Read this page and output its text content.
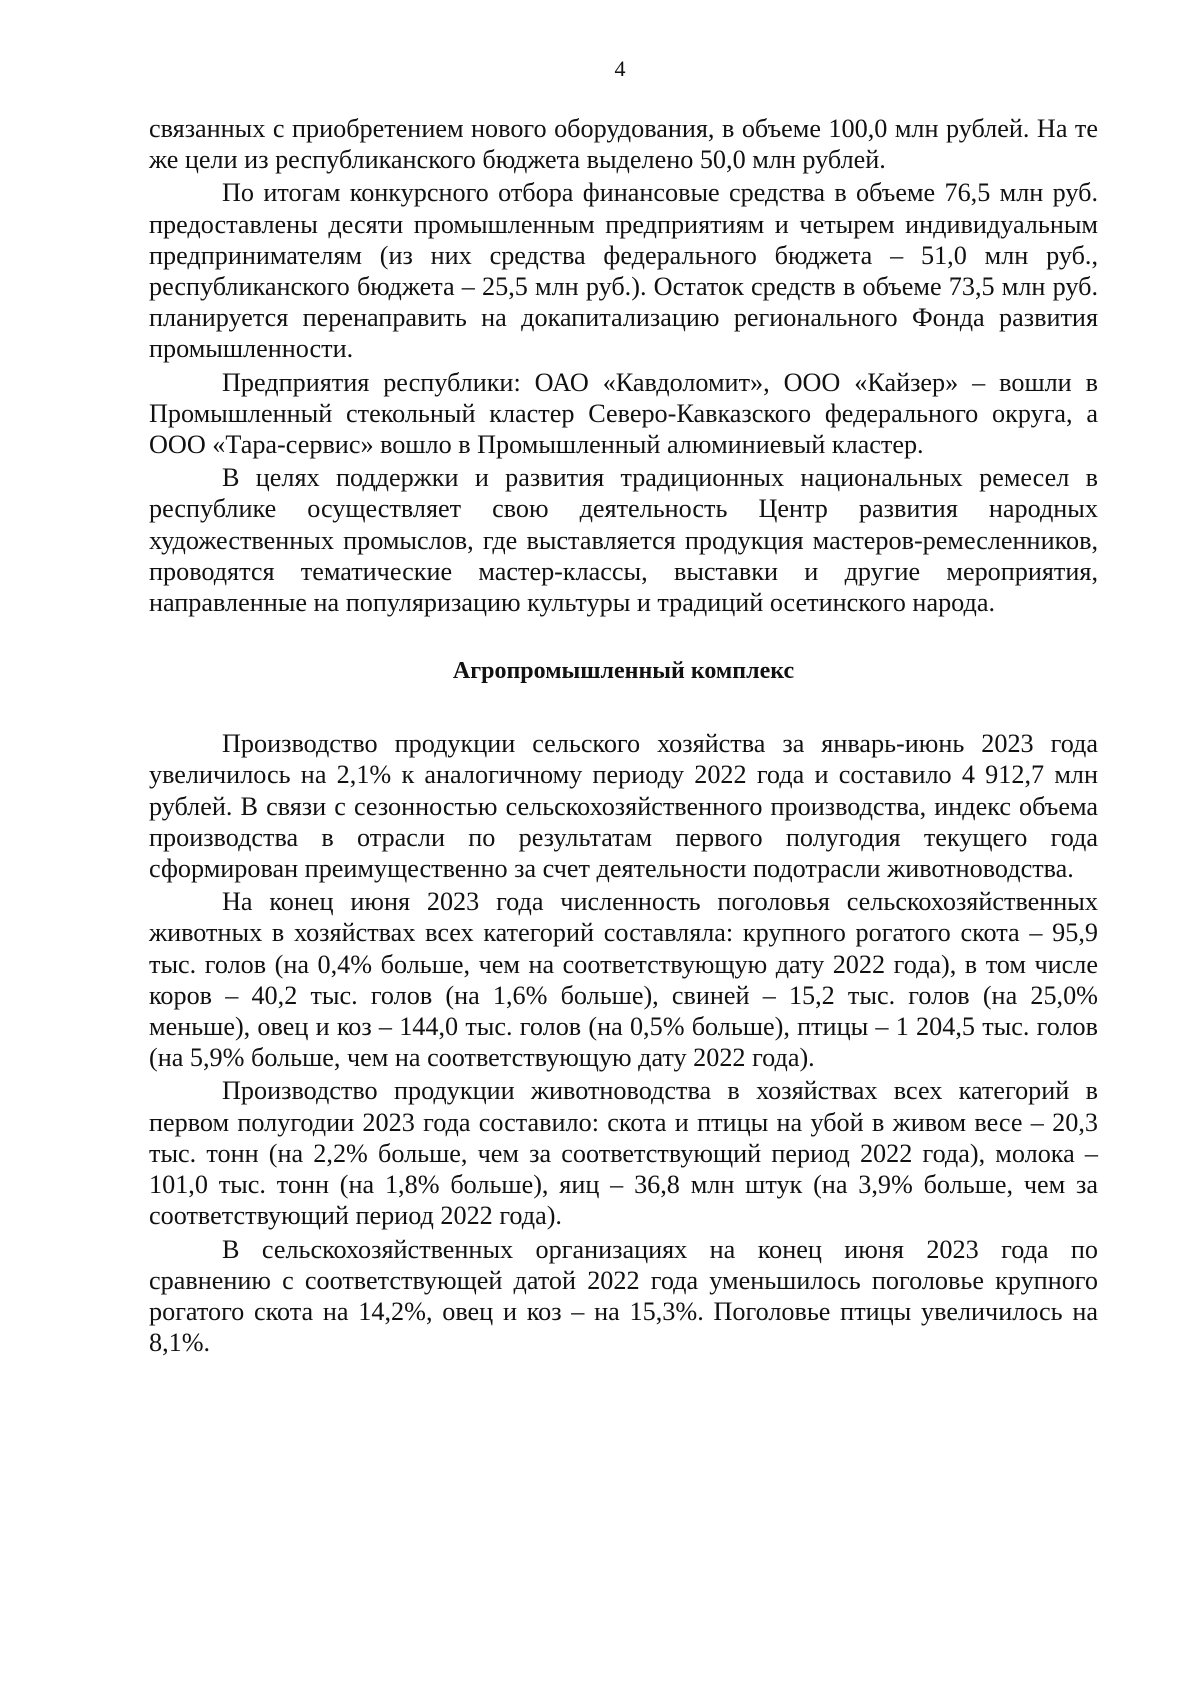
4

связанных с приобретением нового оборудования, в объеме 100,0 млн рублей. На те же цели из республиканского бюджета выделено 50,0 млн рублей.

По итогам конкурсного отбора финансовые средства в объеме 76,5 млн руб. предоставлены десяти промышленным предприятиям и четырем индивидуальным предпринимателям (из них средства федерального бюджета – 51,0 млн руб., республиканского бюджета – 25,5 млн руб.). Остаток средств в объеме 73,5 млн руб. планируется перенаправить на докапитализацию регионального Фонда развития промышленности.

Предприятия республики: ОАО «Кавдоломит», ООО «Кайзер» – вошли в Промышленный стекольный кластер Северо-Кавказского федерального округа, а ООО «Тара-сервис» вошло в Промышленный алюминиевый кластер.

В целях поддержки и развития традиционных национальных ремесел в республике осуществляет свою деятельность Центр развития народных художественных промыслов, где выставляется продукция мастеров-ремесленников, проводятся тематические мастер-классы, выставки и другие мероприятия, направленные на популяризацию культуры и традиций осетинского народа.

Агропромышленный комплекс

Производство продукции сельского хозяйства за январь-июнь 2023 года увеличилось на 2,1% к аналогичному периоду 2022 года и составило 4 912,7 млн рублей. В связи с сезонностью сельскохозяйственного производства, индекс объема производства в отрасли по результатам первого полугодия текущего года сформирован преимущественно за счет деятельности подотрасли животноводства.

На конец июня 2023 года численность поголовья сельскохозяйственных животных в хозяйствах всех категорий составляла: крупного рогатого скота – 95,9 тыс. голов (на 0,4% больше, чем на соответствующую дату 2022 года), в том числе коров – 40,2 тыс. голов (на 1,6% больше), свиней – 15,2 тыс. голов (на 25,0% меньше), овец и коз – 144,0 тыс. голов (на 0,5% больше), птицы – 1 204,5 тыс. голов (на 5,9% больше, чем на соответствующую дату 2022 года).

Производство продукции животноводства в хозяйствах всех категорий в первом полугодии 2023 года составило: скота и птицы на убой в живом весе – 20,3 тыс. тонн (на 2,2% больше, чем за соответствующий период 2022 года), молока – 101,0 тыс. тонн (на 1,8% больше), яиц – 36,8 млн штук (на 3,9% больше, чем за соответствующий период 2022 года).

В сельскохозяйственных организациях на конец июня 2023 года по сравнению с соответствующей датой 2022 года уменьшилось поголовье крупного рогатого скота на 14,2%, овец и коз – на 15,3%. Поголовье птицы увеличилось на 8,1%.
